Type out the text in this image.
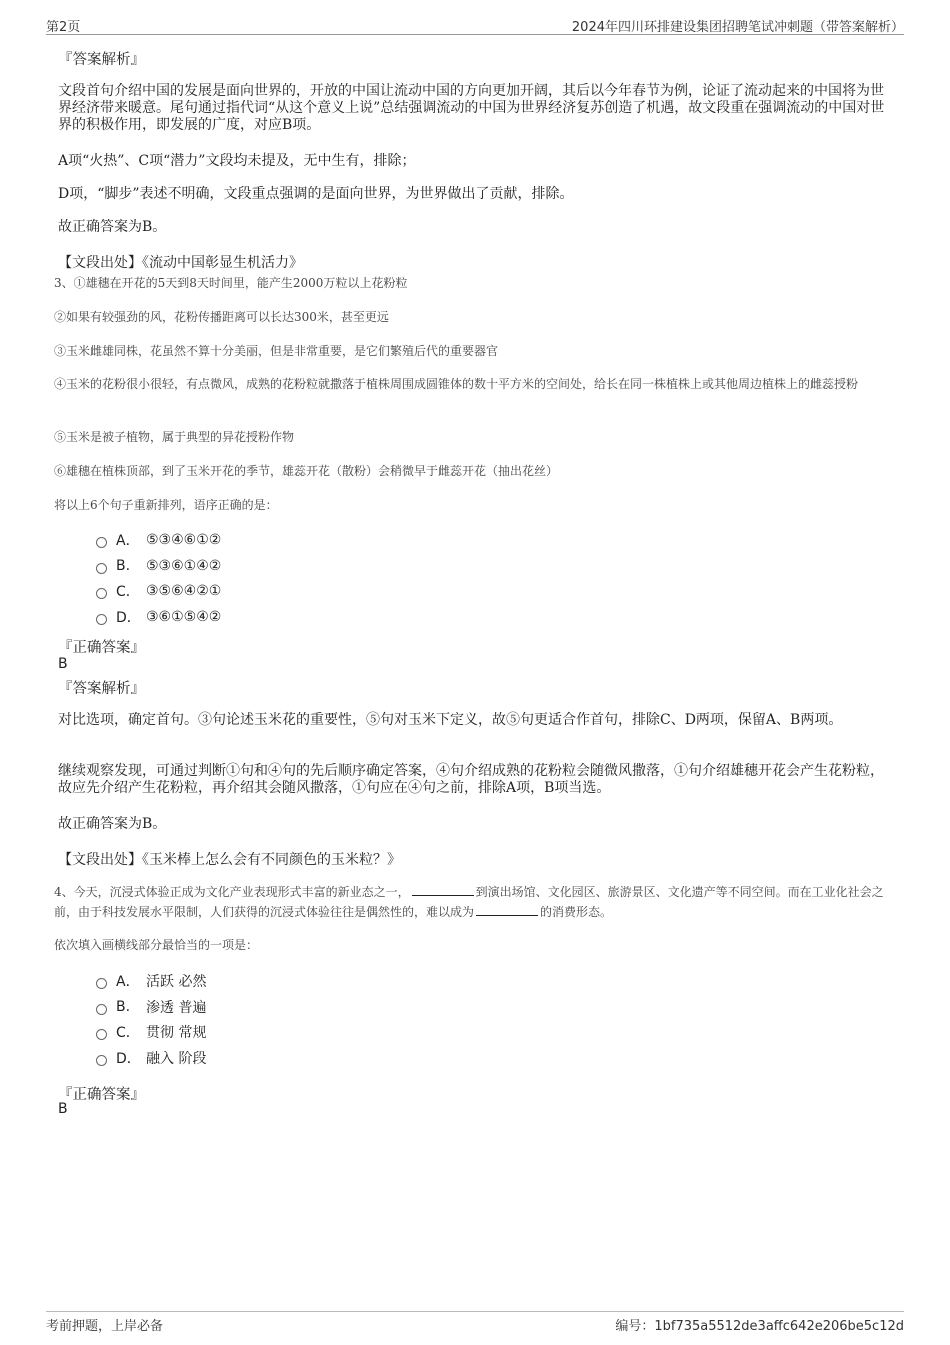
第2页	2024年四川环排建设集团招聘笔试冲刺题（带答案解析）
『答案解析』
文段首句介绍中国的发展是面向世界的，开放的中国让流动中国的方向更加开阔，其后以今年春节为例，论证了流动起来的中国将为世界经济带来暖意。尾句通过指代词“从这个意义上说”总结强调流动的中国为世界经济复苏创造了机遇，故文段重在强调流动的中国对世界的积极作用，即发展的广度，对应B项。
A项“火热”、C项“潜力”文段均未提及，无中生有，排除；
D项，“脚步”表述不明确，文段重点强调的是面向世界，为世界做出了贡献，排除。
故正确答案为B。
【文段出处】《流动中国彰显生机活力》
3、①雄穗在开花的5天到8天时间里，能产生2000万粒以上花粉粒
②如果有较强劲的风，花粉传播距离可以长达300米，甚至更远
③玉米雌雄同株，花虽然不算十分美丽，但是非常重要，是它们繁殖后代的重要器官
④玉米的花粉很小很轻，有点微风，成熟的花粉粒就撒落于植株周围成圆锥体的数十平方米的空间处，给长在同一株植株上或其他周边植株上的雌蕊授粉
⑤玉米是被子植物，属于典型的异花授粉作物
⑥雄穗在植株顶部，到了玉米开花的季节，雄蕊开花（散粉）会稍微早于雌蕊开花（抽出花丝）
将以上6个句子重新排列，语序正确的是：
A． ⑤③④⑥①②
B.	⑤③⑥①④②
C． ③⑤⑥④②①
D． ③⑥①⑤④②
『正确答案』
B
『答案解析』
对比选项，确定首句。③句论述玉米花的重要性，⑤句对玉米下定义，故⑤句更适合作首句，排除C、D两项，保留A、B两项。
继续观察发现，可通过判断①句和④句的先后顺序确定答案，④句介绍成熟的花粉粒会随微风撒落，①句介绍雄穗开花会产生花粉粒，故应先介绍产生花粉粒，再介绍其会随风撒落，①句应在④句之前，排除A项，B项当选。
故正确答案为B。
【文段出处】《玉米棒上怎么会有不同颜色的玉米粒？》
4、今天，沉浸式体验正成为文化产业表现形式丰富的新业态之一，	到演出场馆、文化园区、旅游景区、文化遗产等不同空间。而在工业化社会之前，由于科技发展水平限制，人们获得的沉浸式体验往往是偶然性的，难以成为	的消费形态。
依次填入画横线部分最恰当的一项是：
A． 活跃 必然
B.	渗透 普遍
C． 贯彻 常规
D． 融入 阶段
『正确答案』
B
考前押题，上岸必备	编号：1bf735a5512de3affc642e206be5c12d
